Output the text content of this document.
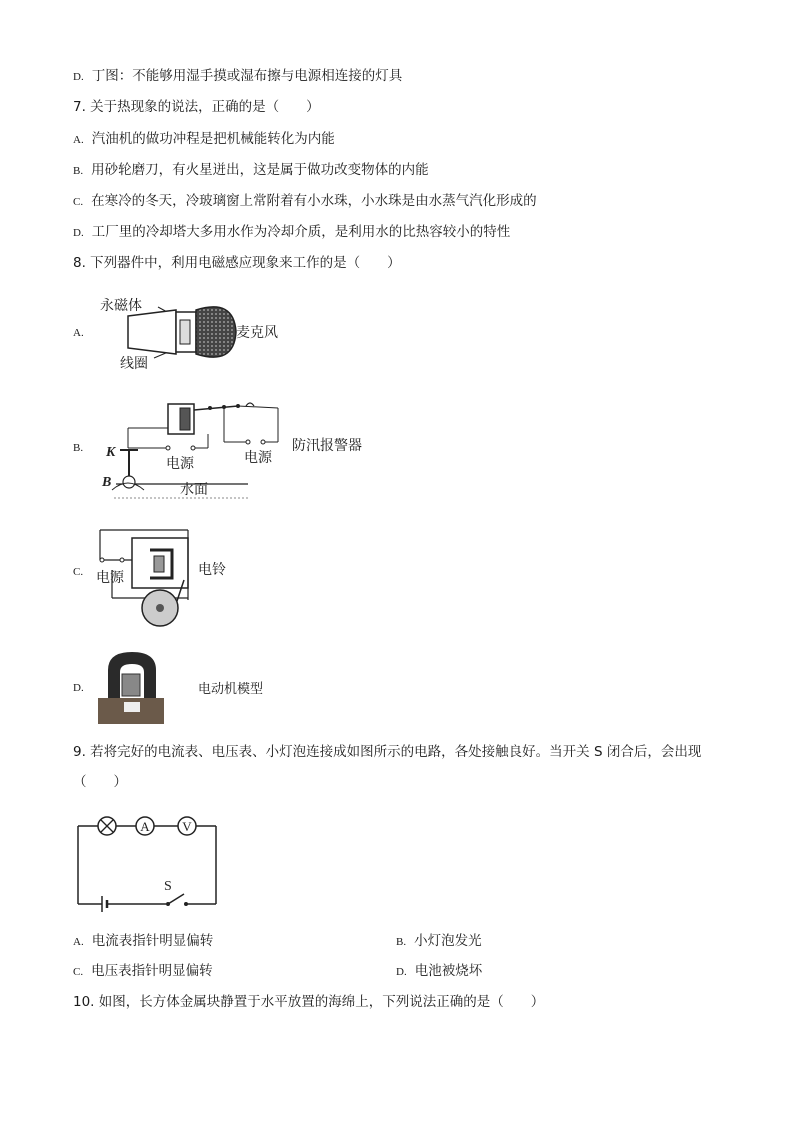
D. 丁图：不能够用湿手摸或湿布擦与电源相连接的灯具
7. 关于热现象的说法，正确的是（　　）
A. 汽油机的做功冲程是把机械能转化为内能
B. 用砂轮磨刀，有火星迸出，这是属于做功改变物体的内能
C. 在寒冷的冬天，冷玻璃窗上常附着有小水珠，小水珠是由水蒸气汽化形成的
D. 工厂里的冷却塔大多用水作为冷却介质，是利用水的比热容较小的特性
8. 下列器件中，利用电磁感应现象来工作的是（　　）
A.
永磁体
线圈
麦克风
B.
电源
电源
K
B	水面
防汛报警器
C. 电源	电铃
D.	电动机模型
9. 若将完好的电流表、电压表、小灯泡连接成如图所示的电路，各处接触良好。当开关 S 闭合后，会出现
（　　）
A	V
S
A. 电流表指针明显偏转	B. 小灯泡发光
C. 电压表指针明显偏转	D. 电池被烧坏
10. 如图，长方体金属块静置于水平放置的海绵上，下列说法正确的是（　　）
